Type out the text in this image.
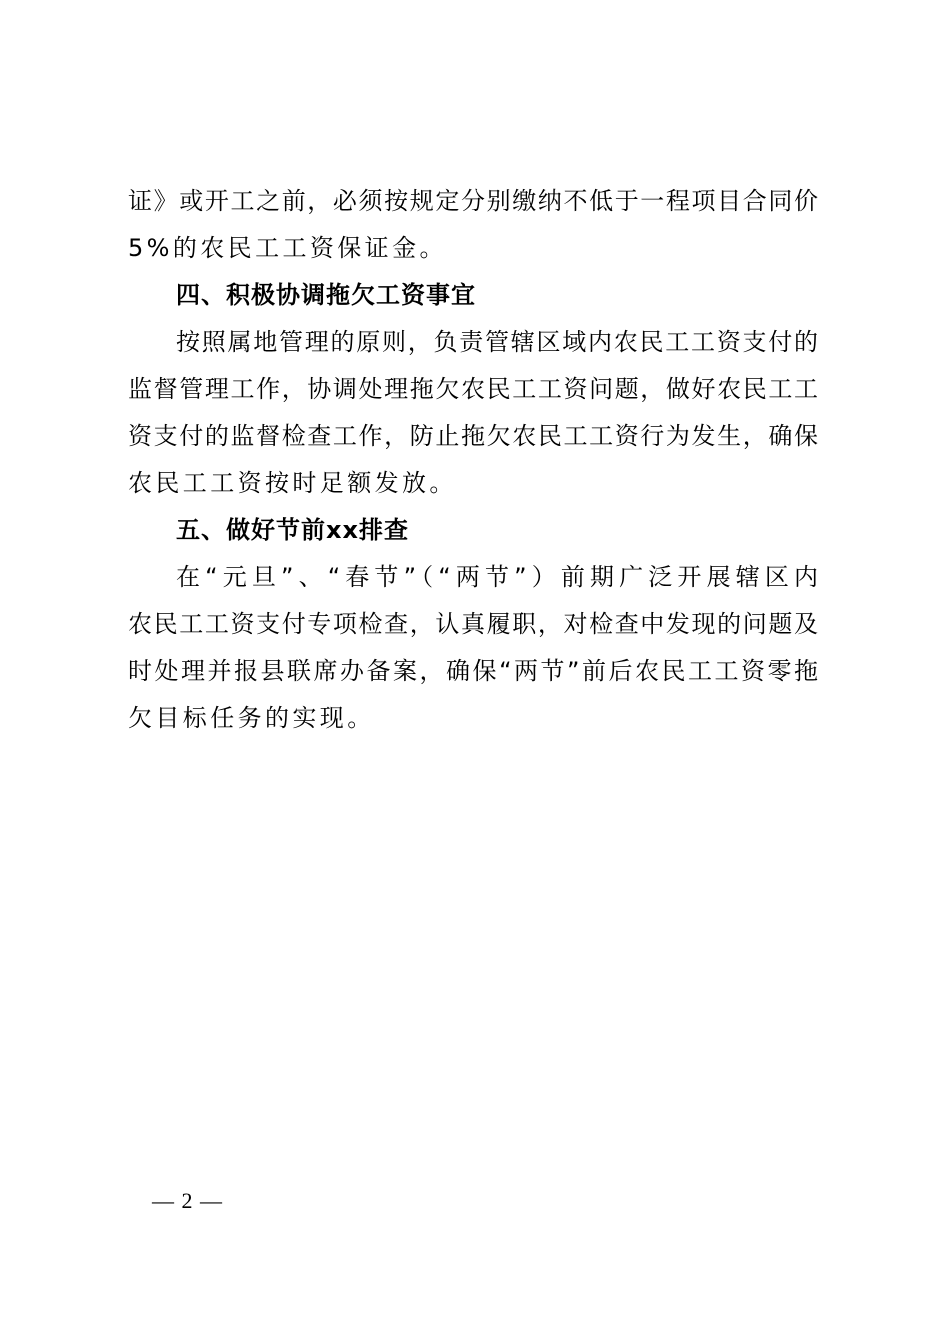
证》或开工之前，必须按规定分别缴纳不低于一程项目合同价
5%的农民工工资保证金。
四、积极协调拖欠工资事宜
按照属地管理的原则，负责管辖区域内农民工工资支付的
监督管理工作，协调处理拖欠农民工工资问题，做好农民工工
资支付的监督检查工作，防止拖欠农民工工资行为发生，确保
农民工工资按时足额发放。
五、做好节前xx排查
在“元旦”、“春节”（“两节”）前期广泛开展辖区内
农民工工资支付专项检查，认真履职，对检查中发现的问题及
时处理并报县联席办备案，确保“两节”前后农民工工资零拖
欠目标任务的实现。
— 2 —
